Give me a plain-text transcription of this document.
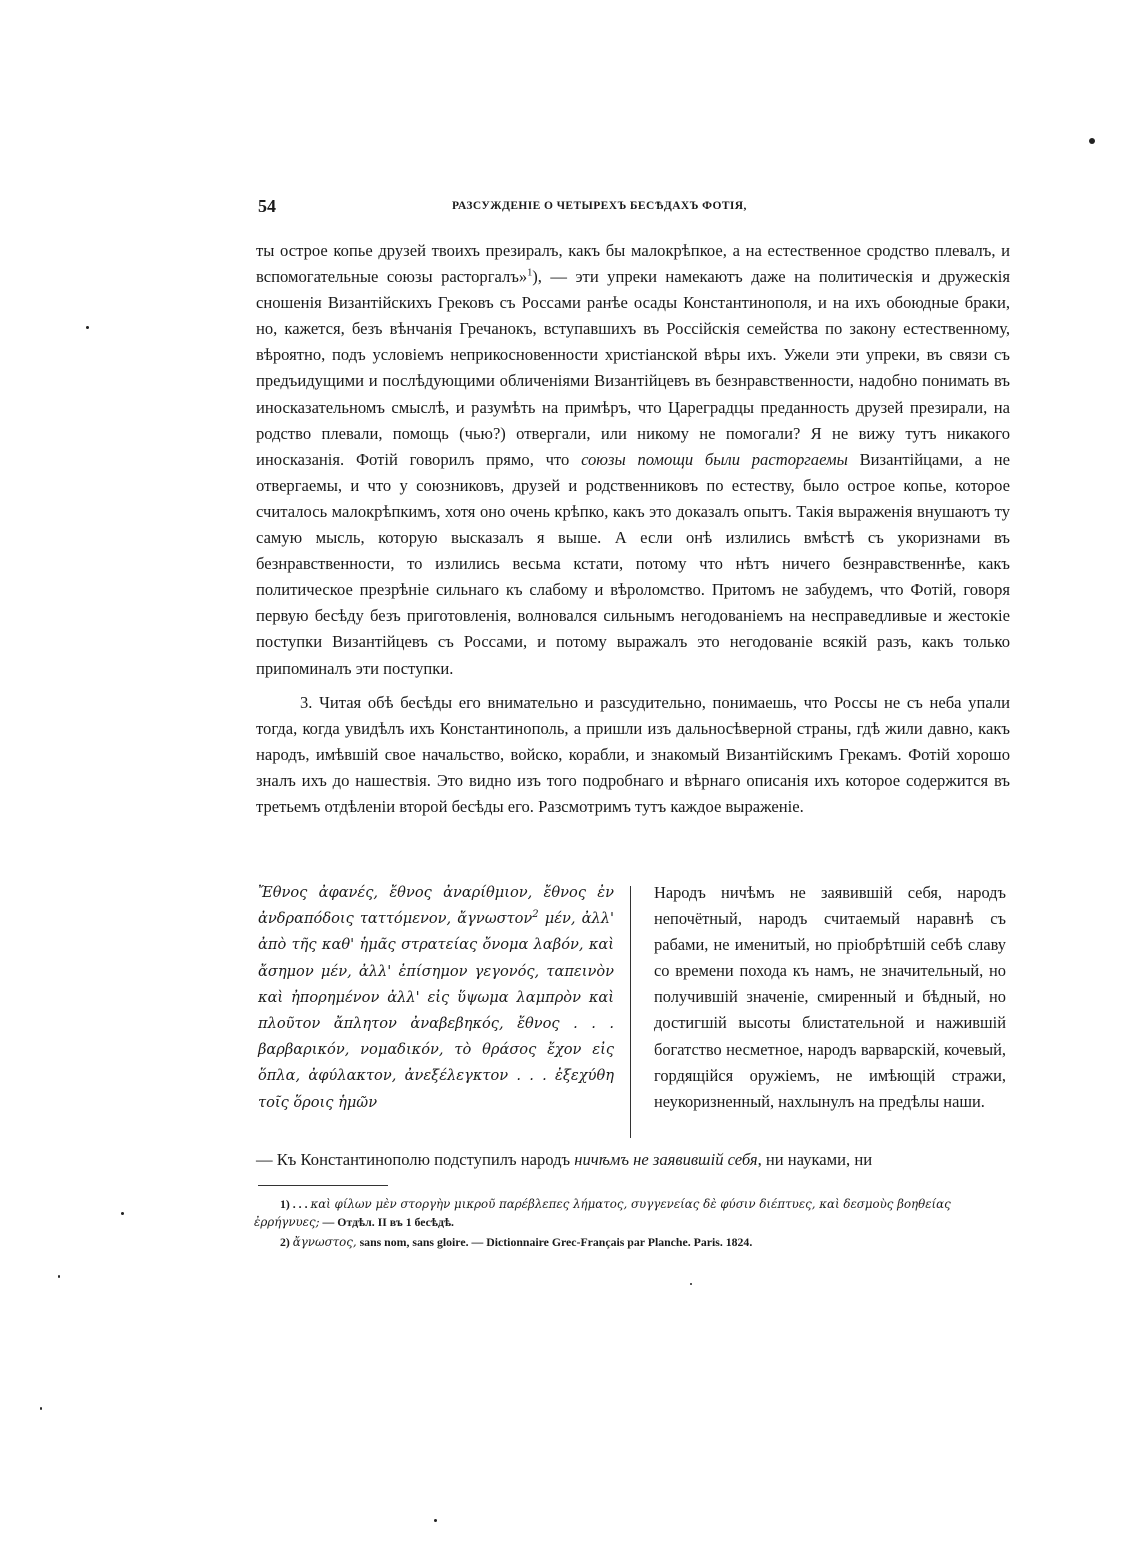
54	РАЗСУЖДЕНIЕ О ЧЕТЫРЕХЪ БЕСѢДАХЪ ФОТIЯ,

ты острое копье друзей твоихъ презиралъ, какъ бы малокрѣпкое, а на естественное сродство плевалъ, и вспомогательные союзы расторгалъ»$^1$), — эти упреки намекаютъ даже на политическiя и дружескiя сношенiя Византiйскихъ Грековъ съ Россами ранѣе осады Константинополя, и на ихъ обоюдные браки, но, кажется, безъ вѣнчанiя Гречанокъ, вступавшихъ въ Россiйскiя семейства по закону естественному, вѣроятно, подъ условiемъ неприкосновенности христiанской вѣры ихъ. Ужели эти упреки, въ связи съ предъидущими и послѣдующими обличенiями Византiйцевъ въ безнравственности, надобно понимать въ иносказательномъ смыслѣ, и разумѣть на примѣръ, что Цареградцы преданность друзей презирали, на родство плевали, помощь (чью?) отвергали, или никому не помогали? Я не вижу тутъ никакого иносказанiя. Фотiй говорилъ прямо, что союзы помощи были расторгаемы Византiйцами, а не отвергаемы, и что у союзниковъ, друзей и родственниковъ по естеству, было острое копье, которое считалось малокрѣпкимъ, хотя оно очень крѣпко, какъ это доказалъ опытъ. Такiя выраженiя внушаютъ ту самую мысль, которую высказалъ я выше. А если онѣ излились вмѣстѣ съ укоризнами въ безнравственности, то излились весьма кстати, потому что нѣтъ ничего безнравственнѣе, какъ политическое презрѣнiе сильнаго къ слабому и вѣроломство. Притомъ не забудемъ, что Фотiй, говоря первую бесѣду безъ приготовленiя, волновался сильнымъ негодованiемъ на несправедливые и жестокiе поступки Византiйцевъ съ Россами, и потому выражалъ это негодованiе всякiй разъ, какъ только припоминалъ эти поступки.

3. Читая обѣ бесѣды его внимательно и разсудительно, понимаешь, что Россы не съ неба упали тогда, когда увидѣлъ ихъ Константинополь, а пришли изъ дальносѣверной страны, гдѣ жили давно, какъ народъ, имѣвшiй свое начальство, войско, корабли, и знакомый Византiйскимъ Грекамъ. Фотiй хорошо зналъ ихъ до нашествiя. Это видно изъ того подробнаго и вѣрнаго описанiя ихъ которое содержится въ третьемъ отдѣленiи второй бесѣды его. Разсмотримъ тутъ каждое выраженiе.

Ἔθνος ἀφανές, ἔθνος ἀναρίθμιον, ἔθνος ἐν ἀνδραπόδοις ταττόμενον, ἄγνωστον$^2$ μέν, ἀλλ' ἀπὸ τῆς καθ' ἡμᾶς στρατείας ὄνομα λαβόν, καὶ ἄσημον μέν, ἀλλ' ἐπίσημον γεγονός, ταπεινὸν καὶ ἠπορημένον ἀλλ' εἰς ὕψωμα λαμπρὸν καὶ πλοῦτον ἄπλητον ἀναβεβηκός, ἔθνος . . . βαρβαρικόν, νομαδικόν, τὸ θράσος ἔχον εἰς ὅπλα, ἀφύλακτον, ἀνεξέλεγκτον . . . ἐξεχύθη τοῖς ὅροις ἡμῶν
Народъ ничѣмъ не заявившiй себя, народъ непочётный, народъ считаемый наравнѣ съ рабами, не именитый, но прiобрѣтшiй себѣ славу со времени похода къ намъ, не значительный, но получившiй значенiе, смиренный и бѣдный, но достигшiй высоты блистательной и нажившiй богатство несметное, народъ варварскiй, кочевый, гордящiйся оружiемъ, не имѣющiй стражи, неукоризненный, нахлынулъ на предѣлы наши.
— Къ Константинополю подступилъ народъ ничѣмъ не заявившiй себя, ни науками, ни

1) . . . καὶ φίλων μὲν στοργὴν μικροῦ παρέβλεπες λήματος, συγγενείας δὲ φύσιν διέπτυες, καὶ δεσμοὺς βοηθείας ἐρρήγνυες; — Отдѣл. II въ 1 бесѣдѣ.

2) ἄγνωστος, sans nom, sans gloire. — Dictionnaire Grec-Français par Planche. Paris. 1824.
